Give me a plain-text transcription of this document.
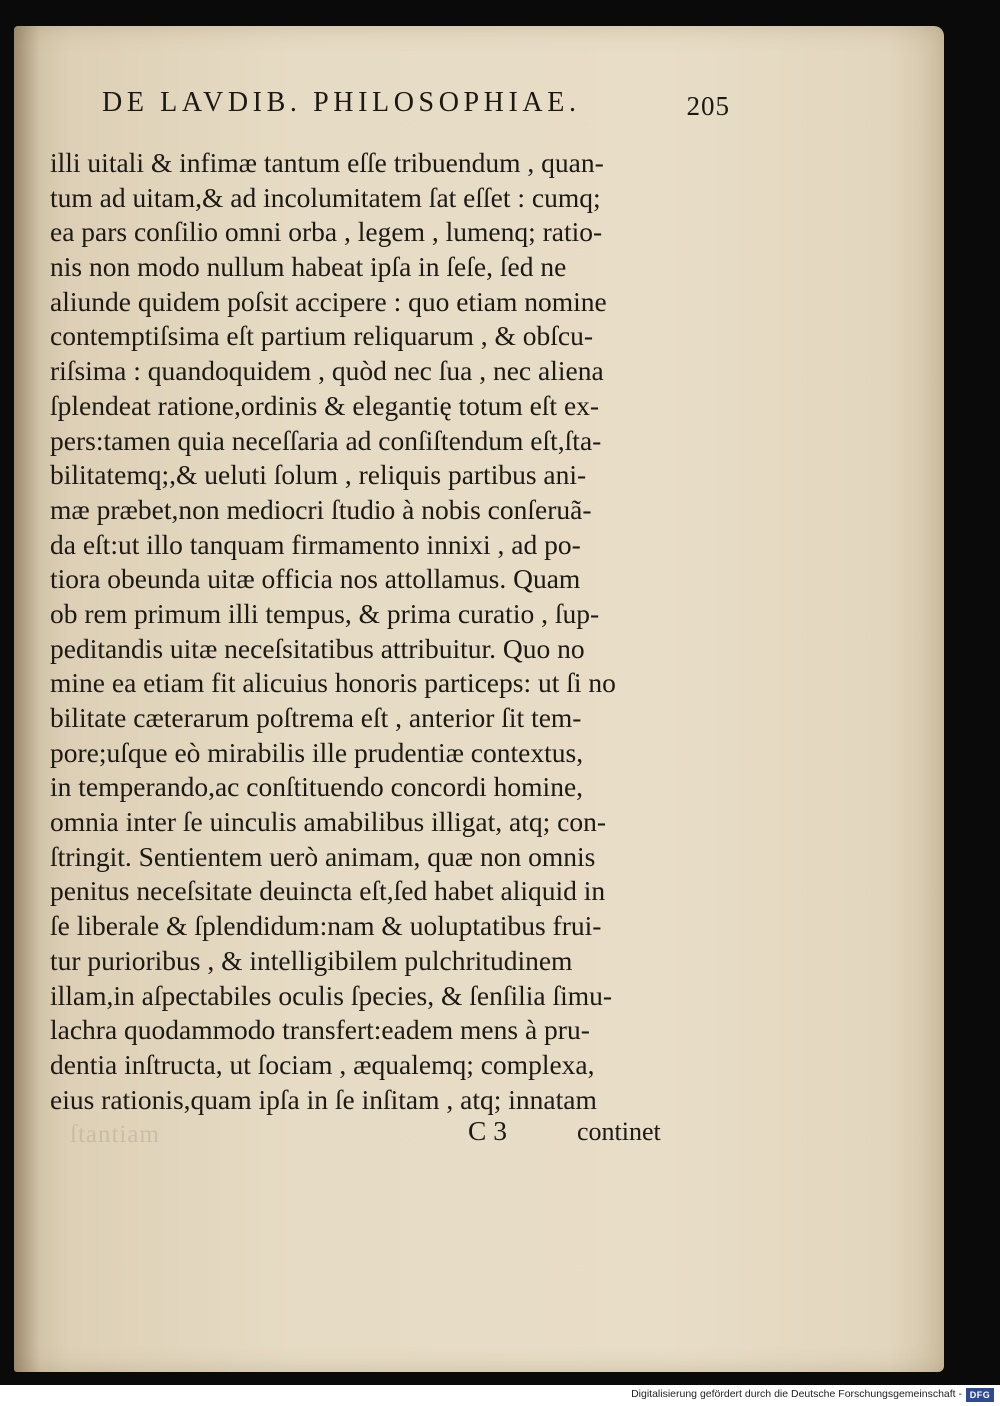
DE LAVDIB. PHILOSOPHIAE.	205
illi uitali & infimæ tantum eſſe tribuendum , quan-
tum ad uitam,& ad incolumitatem ſat eſſet : cumq;
ea pars conſilio omni orba , legem , lumenq; ratio-
nis non modo nullum habeat ipſa in ſeſe, ſed ne
aliunde quidem poſsit accipere : quo etiam nomine
contemptiſsima eſt partium reliquarum , & obſcu-
riſsima : quandoquidem , quòd nec ſua , nec aliena
ſplendeat ratione,ordinis & elegantię totum eſt ex-
pers:tamen quia neceſſaria ad conſiſtendum eſt,ſta-
bilitatemq;,& ueluti ſolum , reliquis partibus ani-
mæ præbet,non mediocri ſtudio à nobis conſeruã-
da eſt:ut illo tanquam firmamento innixi , ad po-
tiora obeunda uitæ officia nos attollamus. Quam
ob rem primum illi tempus, & prima curatio , ſup-
peditandis uitæ neceſsitatibus attribuitur. Quo no
mine ea etiam fit alicuius honoris particeps: ut ſi no
bilitate cæterarum poſtrema eſt , anterior ſit tem-
pore;uſque eò mirabilis ille prudentiæ contextus,
in temperando,ac conſtituendo concordi homine,
omnia inter ſe uinculis amabilibus illigat, atq; con-
ſtringit. Sentientem uerò animam, quæ non omnis
penitus neceſsitate deuincta eſt,ſed habet aliquid in
ſe liberale & ſplendidum:nam & uoluptatibus frui-
tur purioribus , & intelligibilem pulchritudinem
illam,in aſpectabiles oculis ſpecies, & ſenſilia ſimu-
lachra quodammodo transfert:eadem mens à pru-
dentia inſtructa, ut ſociam , æqualemq; complexa,
eius rationis,quam ipſa in ſe inſitam , atq; innatam
ſtantiam	C 3	continet
Digitalisierung gefördert durch die Deutsche Forschungsgemeinschaft - DFG
